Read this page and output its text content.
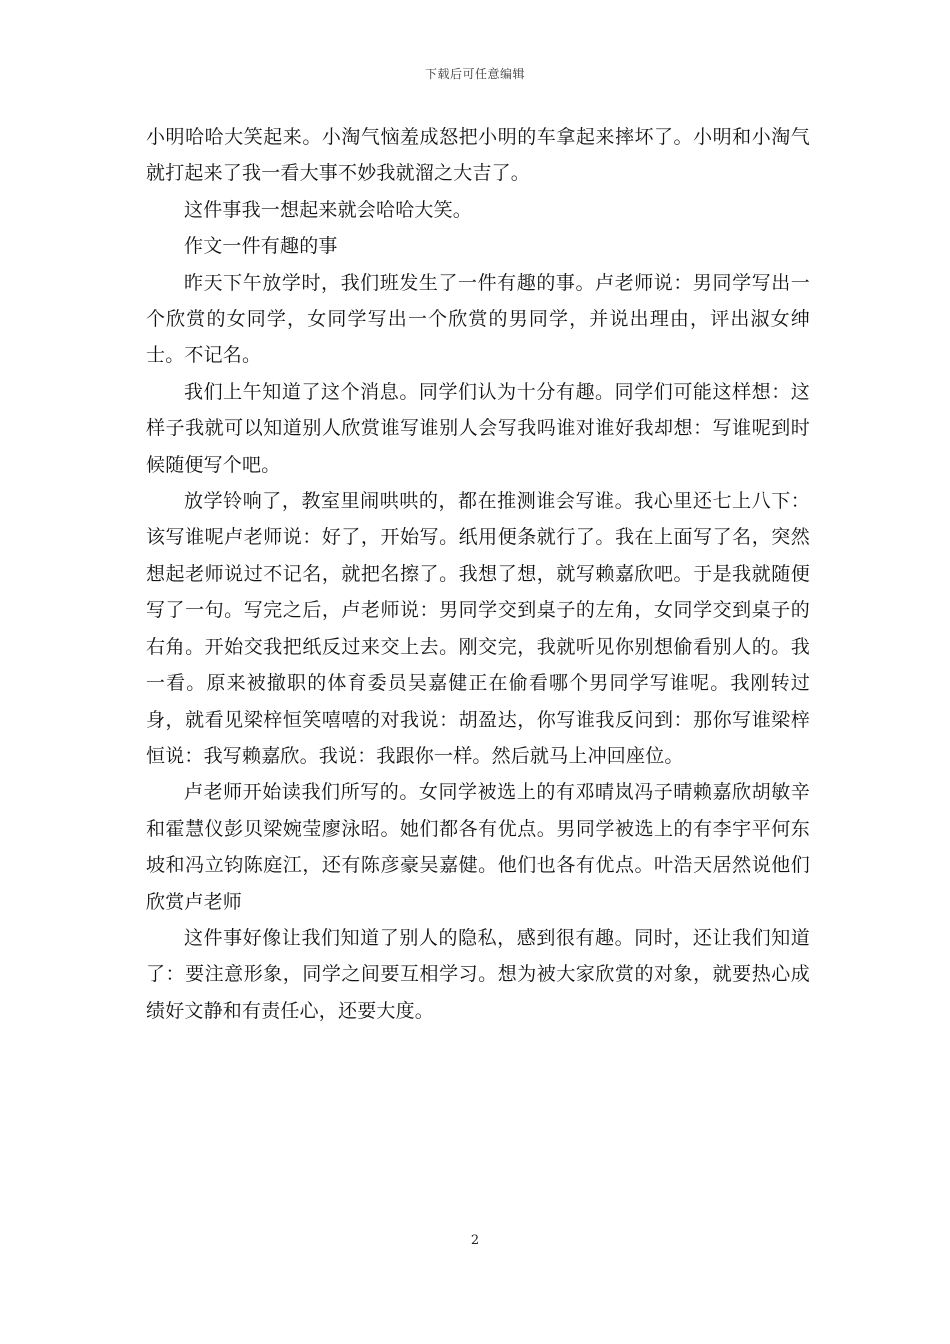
下载后可任意编辑

小明哈哈大笑起来。小淘气恼羞成怒把小明的车拿起来摔坏了。小明和小淘气就打起来了我一看大事不妙我就溜之大吉了。

这件事我一想起来就会哈哈大笑。

作文一件有趣的事

昨天下午放学时，我们班发生了一件有趣的事。卢老师说：男同学写出一个欣赏的女同学，女同学写出一个欣赏的男同学，并说出理由，评出淑女绅士。不记名。

我们上午知道了这个消息。同学们认为十分有趣。同学们可能这样想：这样子我就可以知道别人欣赏谁写谁别人会写我吗谁对谁好我却想：写谁呢到时候随便写个吧。

放学铃响了，教室里闹哄哄的，都在推测谁会写谁。我心里还七上八下：该写谁呢卢老师说：好了，开始写。纸用便条就行了。我在上面写了名，突然想起老师说过不记名，就把名擦了。我想了想，就写赖嘉欣吧。于是我就随便写了一句。写完之后，卢老师说：男同学交到桌子的左角，女同学交到桌子的右角。开始交我把纸反过来交上去。刚交完，我就听见你别想偷看别人的。我一看。原来被撤职的体育委员吴嘉健正在偷看哪个男同学写谁呢。我刚转过身，就看见梁梓恒笑嘻嘻的对我说：胡盈达，你写谁我反问到：那你写谁梁梓恒说：我写赖嘉欣。我说：我跟你一样。然后就马上冲回座位。

卢老师开始读我们所写的。女同学被选上的有邓晴岚冯子晴赖嘉欣胡敏辛和霍慧仪彭贝梁婉莹廖泳昭。她们都各有优点。男同学被选上的有李宇平何东坡和冯立钧陈庭江，还有陈彦豪吴嘉健。他们也各有优点。叶浩天居然说他们欣赏卢老师

这件事好像让我们知道了别人的隐私，感到很有趣。同时，还让我们知道了：要注意形象，同学之间要互相学习。想为被大家欣赏的对象，就要热心成绩好文静和有责任心，还要大度。

2
